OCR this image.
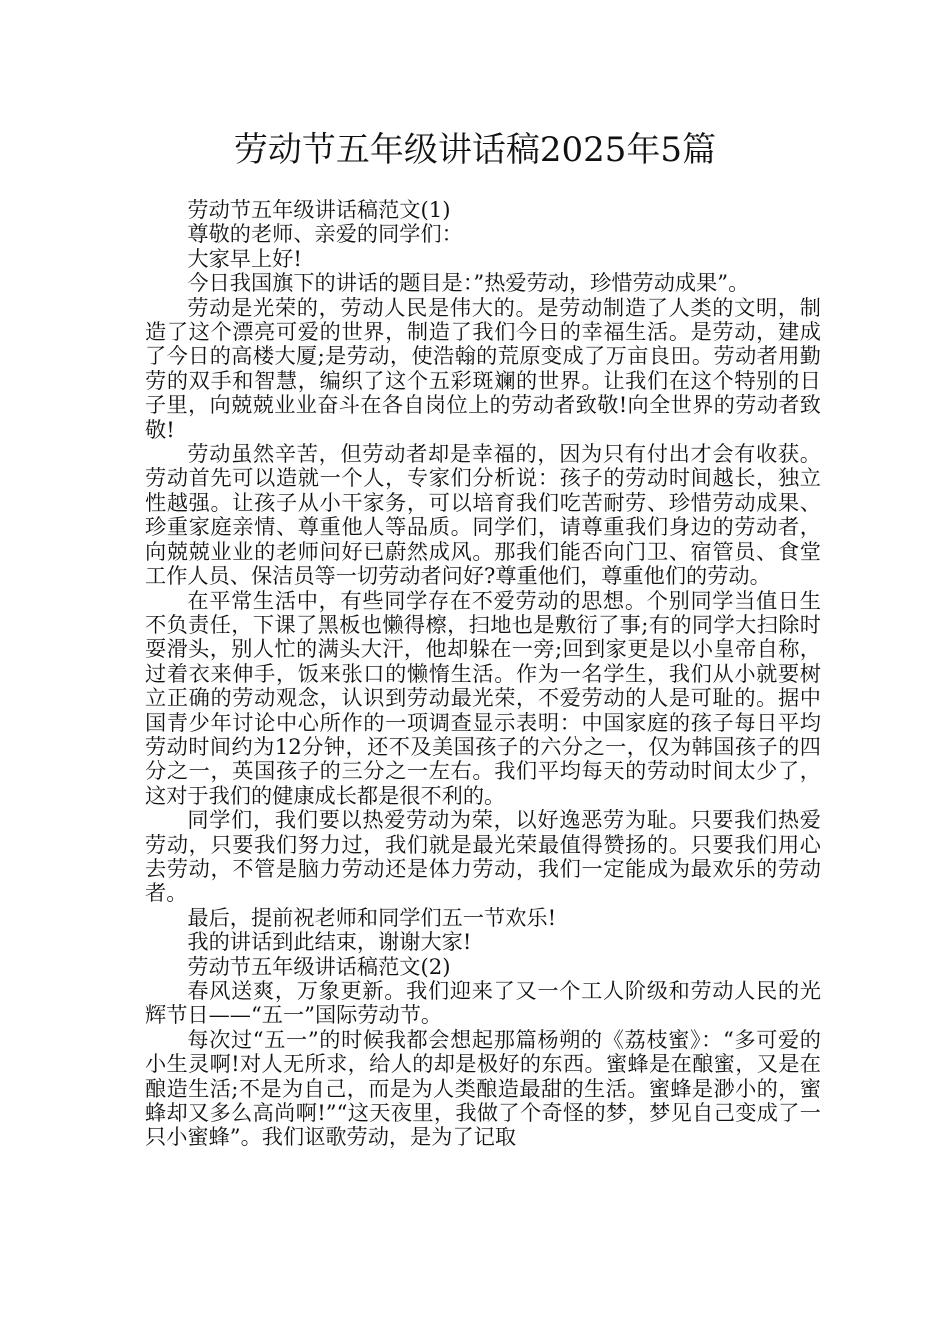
劳动节五年级讲话稿2025年5篇

劳动节五年级讲话稿范文(1)

尊敬的老师、亲爱的同学们：

大家早上好!

今日我国旗下的讲话的题目是：”热爱劳动，珍惜劳动成果”。

劳动是光荣的，劳动人民是伟大的。是劳动制造了人类的文明，制造了这个漂亮可爱的世界，制造了我们今日的幸福生活。是劳动，建成了今日的高楼大厦;是劳动，使浩翰的荒原变成了万亩良田。劳动者用勤劳的双手和智慧，编织了这个五彩斑斓的世界。让我们在这个特别的日子里，向兢兢业业奋斗在各自岗位上的劳动者致敬!向全世界的劳动者致敬!

劳动虽然辛苦，但劳动者却是幸福的，因为只有付出才会有收获。劳动首先可以造就一个人，专家们分析说：孩子的劳动时间越长，独立性越强。让孩子从小干家务，可以培育我们吃苦耐劳、珍惜劳动成果、珍重家庭亲情、尊重他人等品质。同学们，请尊重我们身边的劳动者，向兢兢业业的老师问好已蔚然成风。那我们能否向门卫、宿管员、食堂工作人员、保洁员等一切劳动者问好?尊重他们，尊重他们的劳动。

在平常生活中，有些同学存在不爱劳动的思想。个别同学当值日生不负责任，下课了黑板也懒得檫，扫地也是敷衍了事;有的同学大扫除时耍滑头，别人忙的满头大汗，他却躲在一旁;回到家更是以小皇帝自称，过着衣来伸手，饭来张口的懒惰生活。作为一名学生，我们从小就要树立正确的劳动观念，认识到劳动最光荣，不爱劳动的人是可耻的。据中国青少年讨论中心所作的一项调查显示表明：中国家庭的孩子每日平均劳动时间约为12分钟，还不及美国孩子的六分之一，仅为韩国孩子的四分之一，英国孩子的三分之一左右。我们平均每天的劳动时间太少了，这对于我们的健康成长都是很不利的。

同学们，我们要以热爱劳动为荣，以好逸恶劳为耻。只要我们热爱劳动，只要我们努力过，我们就是最光荣最值得赞扬的。只要我们用心去劳动，不管是脑力劳动还是体力劳动，我们一定能成为最欢乐的劳动者。

最后，提前祝老师和同学们五一节欢乐!

我的讲话到此结束，谢谢大家!

劳动节五年级讲话稿范文(2)

春风送爽，万象更新。我们迎来了又一个工人阶级和劳动人民的光辉节日——“五一”国际劳动节。

每次过“五一”的时候我都会想起那篇杨朔的《荔枝蜜》：“多可爱的小生灵啊!对人无所求，给人的却是极好的东西。蜜蜂是在酿蜜，又是在酿造生活;不是为自己，而是为人类酿造最甜的生活。蜜蜂是渺小的，蜜蜂却又多么高尚啊!”“这天夜里，我做了个奇怪的梦，梦见自己变成了一只小蜜蜂”。我们讴歌劳动，是为了记取
